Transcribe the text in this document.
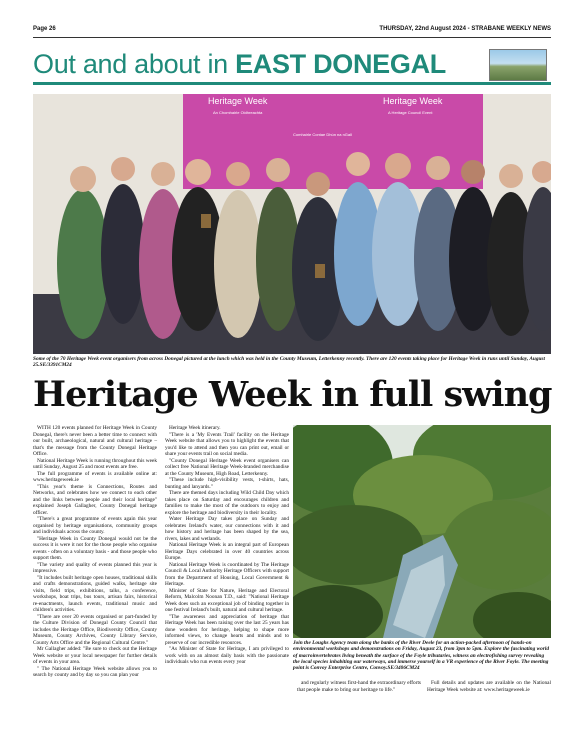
Page 26	THURSDAY, 22nd August 2024 - STRABANE WEEKLY NEWS
Out and about in EAST DONEGAL
Heritage Week	Heritage Week
A Heritage Council Event
Comhairle Contae Dhún na nGall
An Chomhairle Oidhreachta
Some of the 70 Heritage Week event organisers from across Donegal pictured at the lunch which was held in the County Museum, Letterkenny recently. There are 120 events taking place for Heritage Week in runs until Sunday, August 25.SE/3391CM24
Heritage Week in full swing

WITH 120 events planned for Heritage Week in County Donegal, there's never been a better time to connect with our built, archaeological, natural and cultural heritage – that's the message from the County Donegal Heritage Office.

National Heritage Week is running throughout this week until Sunday, August 25 and most events are free.

The full programme of events is available online at: www.heritageweek.ie

"This year's theme is Connections, Routes and Networks, and celebrates how we connect to each other and the links between people and their local heritage" explained Joseph Gallagher, County Donegal heritage officer.

"There's a great programme of events again this year organised by heritage organisations, community groups and individuals across the county.

"Heritage Week in County Donegal would not be the success it is were it not for the those people who organise events - often on a voluntary basis - and those people who support them.

"The variety and quality of events planned this year is impressive.

"It includes built heritage open houses, traditional skills and crafts demonstrations, guided walks, heritage site visits, field trips, exhibitions, talks, a conference, workshops, boat trips, bus tours, artisan fairs, historical re-enactments, launch events, traditional music and children's activities.

"There are over 20 events organised or part-funded by the Culture Division of Donegal County Council that includes the Heritage Office, Biodiversity Office, County Museum, County Archives, County Library Service, County Arts Office and the Regional Cultural Centre."

Mr Gallagher added: "Be sure to check out the Heritage Week website or your local newspaper for further details of events in your area.

" The National Heritage Week website allows you to search by county and by day so you can plan your

Heritage Week itinerary.

"There is a 'My Events Trail' facility on the Heritage Week website that allows you to highlight the events that you'd like to attend and then you can print out, email or share your events trail on social media.

"County Donegal Heritage Week event organisers can collect free National Heritage Week-branded merchandise at the County Museum, High Road, Letterkenny.

"These include high-visibility vests, t-shirts, hats, bunting and lanyards."

There are themed days including Wild Child Day which takes place on Saturday and encourages children and families to make the most of the outdoors to enjoy and explore the heritage and biodiversity in their locality.

Water Heritage Day takes place on Sunday and celebrates Ireland's water, our connections with it and how history and heritage has been shaped by the sea, rivers, lakes and wetlands.

National Heritage Week is an integral part of European Heritage Days celebrated in over 40 countries across Europe.

National Heritage Week is coordinated by The Heritage Council & Local Authority Heritage Officers with support from the Department of Housing, Local Government & Heritage.

Minister of State for Nature, Heritage and Electoral Reform, Malcolm Noonan T.D., said: "National Heritage Week does such an exceptional job of binding together in one festival Ireland's built, natural and cultural heritage.

"The awareness and appreciation of heritage that Heritage Week has been raising over the last 25 years has done wonders for heritage, helping to shape more informed views, to change hearts and minds and to preserve of our incredible resources.

"As Minister of State for Heritage, I am privileged to work with on an almost daily basis with the passionate individuals who run events every year

Join the Loughs Agency team along the banks of the River Deele for an action-packed afternoon of hands-on environmental workshops and demonstrations on Friday, August 23, from 3pm to 5pm. Explore the fascinating world of macroinvertebrates living beneath the surface of the Foyle tributaries, witness an electrofishing survey revealing the local species inhabiting our waterways, and immerse yourself in a VR experience of the River Foyle. The meeting point is Convoy Enterprise Centre, Convoy.SE/3406CM24

and regularly witness first-hand the extraordinary efforts that people make to bring our heritage to life."

Full details and updates are available on the National Heritage Week website at: www.heritageweek.ie
